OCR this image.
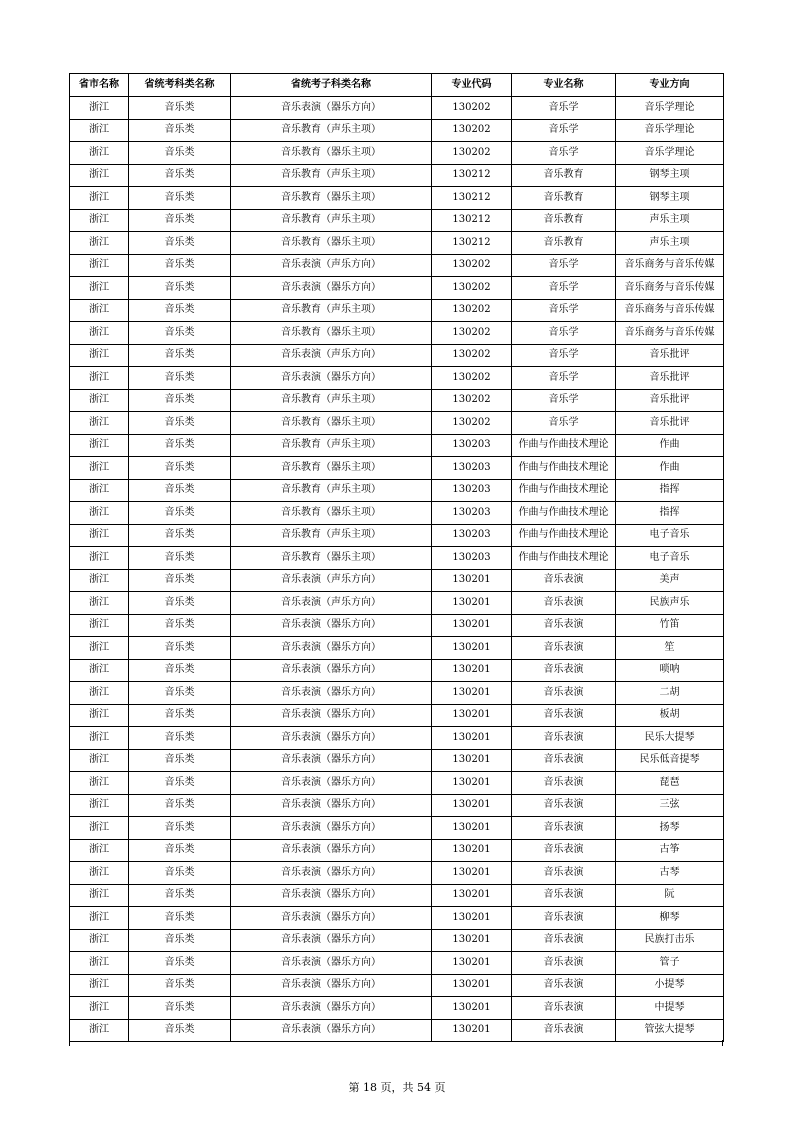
省市名称	省统考科类名称	省统考子科类名称	专业代码	专业名称	专业方向
浙江	音乐类	音乐表演（器乐方向）	130202	音乐学	音乐学理论
浙江	音乐类	音乐教育（声乐主项）	130202	音乐学	音乐学理论
浙江	音乐类	音乐教育（器乐主项）	130202	音乐学	音乐学理论
浙江	音乐类	音乐教育（声乐主项）	130212	音乐教育	钢琴主项
浙江	音乐类	音乐教育（器乐主项）	130212	音乐教育	钢琴主项
浙江	音乐类	音乐教育（声乐主项）	130212	音乐教育	声乐主项
浙江	音乐类	音乐教育（器乐主项）	130212	音乐教育	声乐主项
浙江	音乐类	音乐表演（声乐方向）	130202	音乐学	音乐商务与音乐传媒
浙江	音乐类	音乐表演（器乐方向）	130202	音乐学	音乐商务与音乐传媒
浙江	音乐类	音乐教育（声乐主项）	130202	音乐学	音乐商务与音乐传媒
浙江	音乐类	音乐教育（器乐主项）	130202	音乐学	音乐商务与音乐传媒
浙江	音乐类	音乐表演（声乐方向）	130202	音乐学	音乐批评
浙江	音乐类	音乐表演（器乐方向）	130202	音乐学	音乐批评
浙江	音乐类	音乐教育（声乐主项）	130202	音乐学	音乐批评
浙江	音乐类	音乐教育（器乐主项）	130202	音乐学	音乐批评
浙江	音乐类	音乐教育（声乐主项）	130203	作曲与作曲技术理论	作曲
浙江	音乐类	音乐教育（器乐主项）	130203	作曲与作曲技术理论	作曲
浙江	音乐类	音乐教育（声乐主项）	130203	作曲与作曲技术理论	指挥
浙江	音乐类	音乐教育（器乐主项）	130203	作曲与作曲技术理论	指挥
浙江	音乐类	音乐教育（声乐主项）	130203	作曲与作曲技术理论	电子音乐
浙江	音乐类	音乐教育（器乐主项）	130203	作曲与作曲技术理论	电子音乐
浙江	音乐类	音乐表演（声乐方向）	130201	音乐表演	美声
浙江	音乐类	音乐表演（声乐方向）	130201	音乐表演	民族声乐
浙江	音乐类	音乐表演（器乐方向）	130201	音乐表演	竹笛
浙江	音乐类	音乐表演（器乐方向）	130201	音乐表演	笙
浙江	音乐类	音乐表演（器乐方向）	130201	音乐表演	唢呐
浙江	音乐类	音乐表演（器乐方向）	130201	音乐表演	二胡
浙江	音乐类	音乐表演（器乐方向）	130201	音乐表演	板胡
浙江	音乐类	音乐表演（器乐方向）	130201	音乐表演	民乐大提琴
浙江	音乐类	音乐表演（器乐方向）	130201	音乐表演	民乐低音提琴
浙江	音乐类	音乐表演（器乐方向）	130201	音乐表演	琵琶
浙江	音乐类	音乐表演（器乐方向）	130201	音乐表演	三弦
浙江	音乐类	音乐表演（器乐方向）	130201	音乐表演	扬琴
浙江	音乐类	音乐表演（器乐方向）	130201	音乐表演	古筝
浙江	音乐类	音乐表演（器乐方向）	130201	音乐表演	古琴
浙江	音乐类	音乐表演（器乐方向）	130201	音乐表演	阮
浙江	音乐类	音乐表演（器乐方向）	130201	音乐表演	柳琴
浙江	音乐类	音乐表演（器乐方向）	130201	音乐表演	民族打击乐
浙江	音乐类	音乐表演（器乐方向）	130201	音乐表演	管子
浙江	音乐类	音乐表演（器乐方向）	130201	音乐表演	小提琴
浙江	音乐类	音乐表演（器乐方向）	130201	音乐表演	中提琴
浙江	音乐类	音乐表演（器乐方向）	130201	音乐表演	管弦大提琴
第 18 页，共 54 页
